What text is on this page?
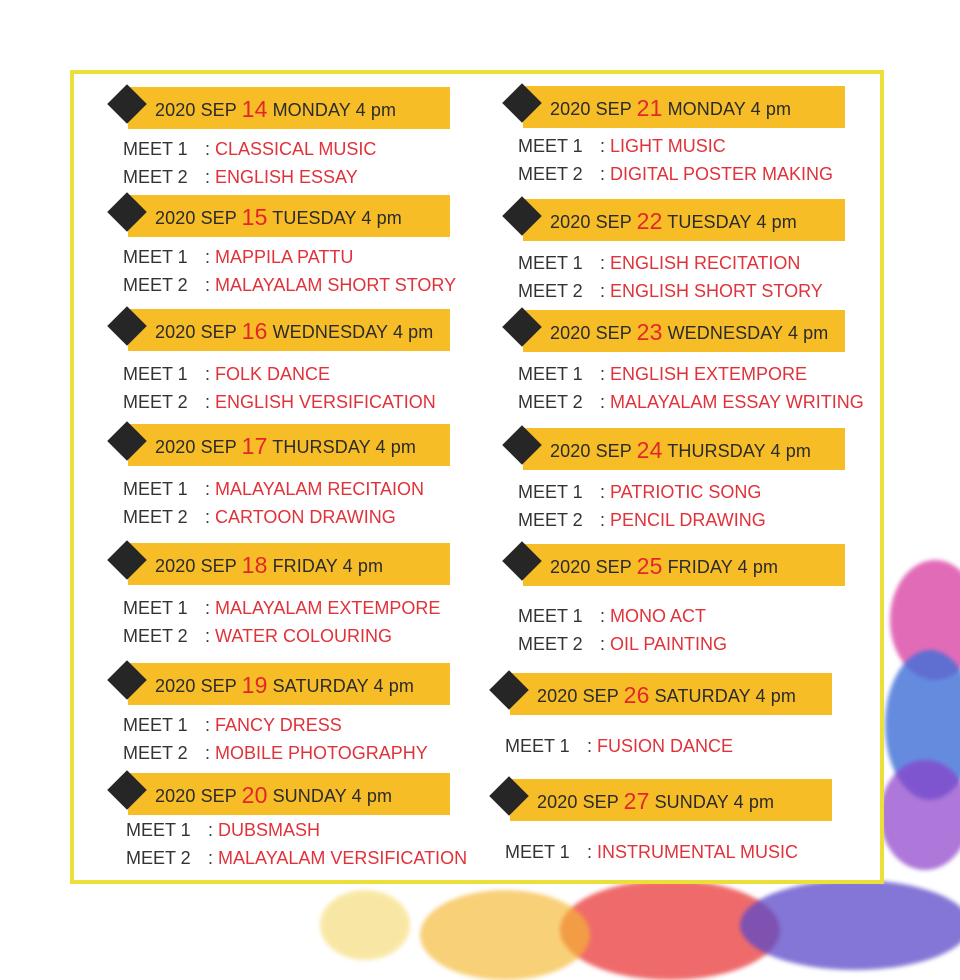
2020 SEP 14 MONDAY 4 pm
MEET 1 : CLASSICAL MUSIC
MEET 2 : ENGLISH ESSAY
2020 SEP 15 TUESDAY 4 pm
MEET 1 : MAPPILA PATTU
MEET 2 : MALAYALAM SHORT STORY
2020 SEP 16 WEDNESDAY 4 pm
MEET 1 : FOLK DANCE
MEET 2 : ENGLISH VERSIFICATION
2020 SEP 17 THURSDAY 4 pm
MEET 1 : MALAYALAM RECITAION
MEET 2 : CARTOON DRAWING
2020 SEP 18 FRIDAY 4 pm
MEET 1 : MALAYALAM EXTEMPORE
MEET 2 : WATER COLOURING
2020 SEP 19 SATURDAY 4 pm
MEET 1 : FANCY DRESS
MEET 2 : MOBILE PHOTOGRAPHY
2020 SEP 20 SUNDAY 4 pm
MEET 1 : DUBSMASH
MEET 2 : MALAYALAM VERSIFICATION
2020 SEP 21 MONDAY 4 pm
MEET 1 : LIGHT MUSIC
MEET 2 : DIGITAL POSTER MAKING
2020 SEP 22 TUESDAY 4 pm
MEET 1 : ENGLISH RECITATION
MEET 2 : ENGLISH SHORT STORY
2020 SEP 23 WEDNESDAY 4 pm
MEET 1 : ENGLISH EXTEMPORE
MEET 2 : MALAYALAM ESSAY WRITING
2020 SEP 24 THURSDAY 4 pm
MEET 1 : PATRIOTIC SONG
MEET 2 : PENCIL DRAWING
2020 SEP 25 FRIDAY 4 pm
MEET 1 : MONO ACT
MEET 2 : OIL PAINTING
2020 SEP 26 SATURDAY 4 pm
MEET 1 : FUSION DANCE
2020 SEP 27 SUNDAY 4 pm
MEET 1 : INSTRUMENTAL MUSIC
